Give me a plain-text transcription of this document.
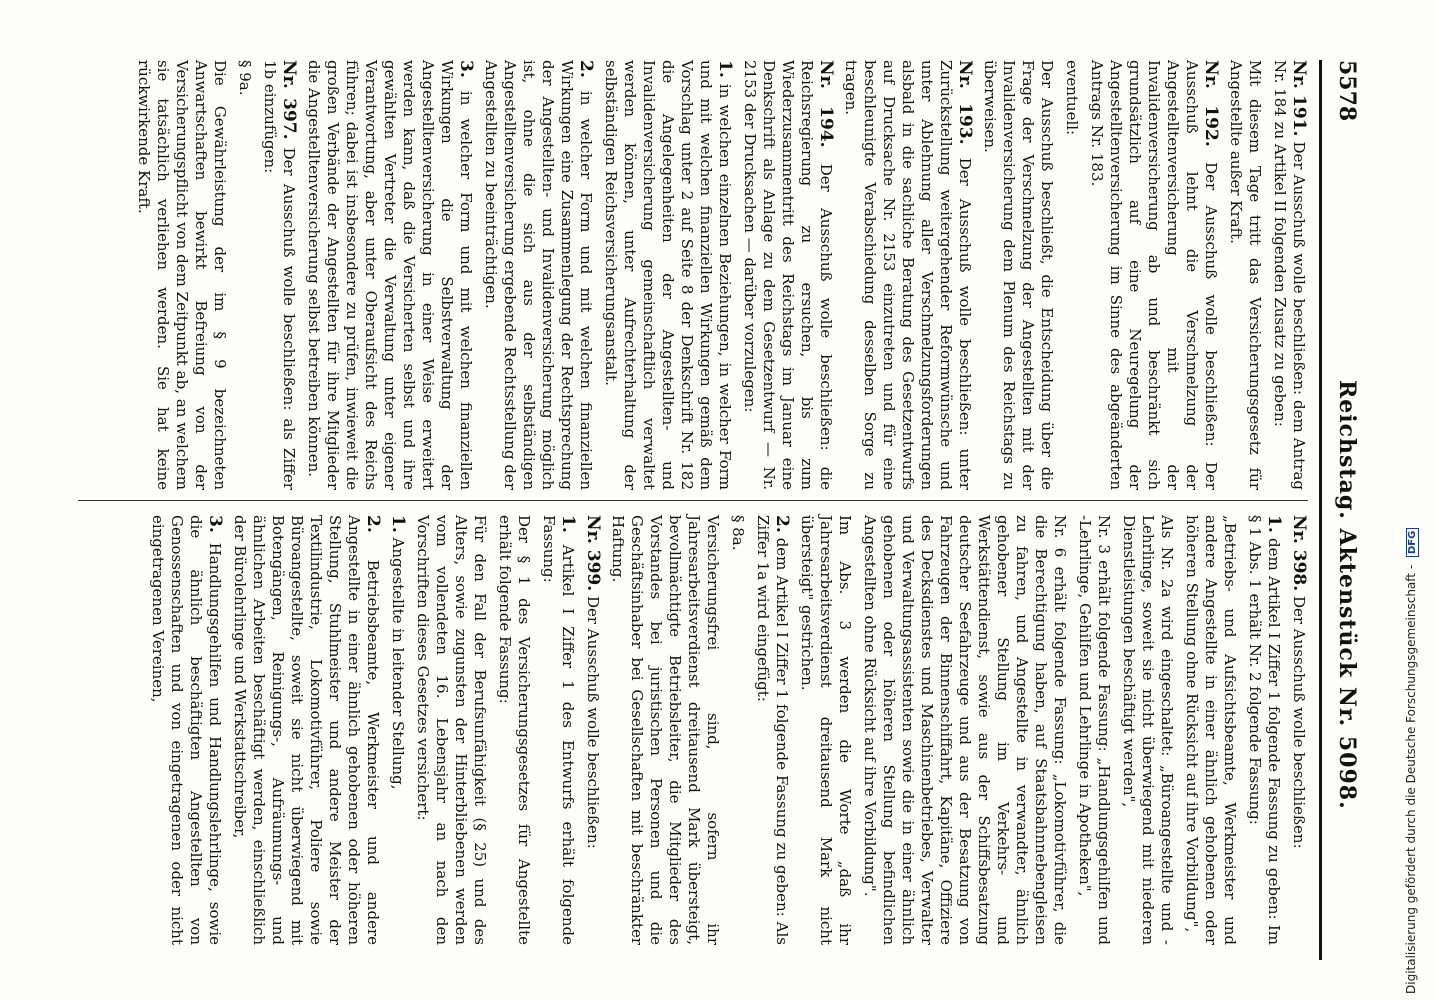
5578
Reichstag. Aktenstück Nr. 5098.

Nr. 191. Der Ausschuß wolle beschließen: dem Antrag Nr. 184 zu Artikel II folgenden Zusatz zu geben:

Mit diesem Tage tritt das Versicherungsgesetz für Angestellte außer Kraft.

Nr. 192. Der Ausschuß wolle beschließen: Der Ausschuß lehnt die Verschmelzung der Angestelltenversicherung mit der Invalidenversicherung ab und beschränkt sich grundsätzlich auf eine Neuregelung der Angestelltenversicherung im Sinne des abgeänderten Antrags Nr. 183.

eventuell:

Der Ausschuß beschließt, die Entscheidung über die Frage der Verschmelzung der Angestellten mit der Invalidenversicherung dem Plenum des Reichstags zu überweisen.

Nr. 193. Der Ausschuß wolle beschließen: unter Zurückstellung weitergehender Reformwünsche und unter Ablehnung aller Verschmelzungsforderungen alsbald in die sachliche Beratung des Gesetzentwurfs auf Drucksache Nr. 2153 einzutreten und für eine beschleunigte Verabschiedung desselben Sorge zu tragen.

Nr. 194. Der Ausschuß wolle beschließen: die Reichsregierung zu ersuchen, bis zum Wiederzusammentritt des Reichstags im Januar eine Denkschrift als Anlage zu dem Gesetzentwurf — Nr. 2153 der Drucksachen — darüber vorzulegen:

1. in welchen einzelnen Beziehungen, in welcher Form und mit welchen finanziellen Wirkungen gemäß dem Vorschlag unter 2 auf Seite 8 der Denkschrift Nr. 182 die Angelegenheiten der Angestellten- und Invalidenversicherung gemeinschaftlich verwaltet werden können, unter Aufrechterhaltung der selbständigen Reichsversicherungsanstalt.

2. in welcher Form und mit welchen finanziellen Wirkungen eine Zusammenlegung der Rechtsprechung der Angestellten- und Invalidenversicherung möglich ist, ohne die sich aus der selbständigen Angestelltenversicherung ergebende Rechtsstellung der Angestellten zu beeinträchtigen.

3. in welcher Form und mit welchen finanziellen Wirkungen die Selbstverwaltung der Angestelltenversicherung in einer Weise erweitert werden kann, daß die Versicherten selbst und ihre gewählten Vertreter die Verwaltung unter eigener Verantwortung, aber unter Oberaufsicht des Reichs führen; dabei ist insbesondere zu prüfen, inwieweit die großen Verbände der Angestellten für ihre Mitglieder die Angestelltenversicherung selbst betreiben können.

Nr. 397. Der Ausschuß wolle beschließen: als Ziffer 1b einzufügen:

§ 9a.

Die Gewährleistung der im § 9 bezeichneten Anwartschaften bewirkt Befreiung von der Versicherungspflicht von dem Zeitpunkt ab, an welchem sie tatsächlich verliehen werden. Sie hat keine rückwirkende Kraft.

Nr. 398. Der Ausschuß wolle beschließen:

1. dem Artikel I Ziffer 1 folgende Fassung zu geben: Im § 1 Abs. 1 erhält Nr. 2 folgende Fassung:

„Betriebs- und Aufsichtsbeamte, Werkmeister und andere Angestellte in einer ähnlich gehobenen oder höheren Stellung ohne Rücksicht auf ihre Vorbildung",

Als Nr. 2a wird eingeschaltet: „Büroangestellte und -Lehrlinge, soweit sie nicht überwiegend mit niederen Dienstleistungen beschäftigt werden",

Nr. 3 erhält folgende Fassung: „Handlungsgehilfen und -Lehrlinge, Gehilfen und Lehrlinge in Apotheken",

Nr. 6 erhält folgende Fassung: „Lokomotivführer, die die Berechtigung haben, auf Staatsbahnnebengleisen zu fahren, und Angestellte in verwandter, ähnlich gehobener Stellung im Verkehrs- und Werkstättendienst, sowie aus der Schiffsbesatzung deutscher Seefahrzeuge und aus der Besatzung von Fahrzeugen der Binnenschiffahrt, Kapitäne, Offiziere des Decksdienstes und Maschinenbetriebes, Verwalter und Verwaltungsassistenten sowie die in einer ähnlich gehobenen oder höheren Stellung befindlichen Angestellten ohne Rücksicht auf ihre Vorbildung".

Im Abs. 3 werden die Worte „daß ihr Jahresarbeitsverdienst dreitausend Mark nicht übersteigt" gestrichen.

2. dem Artikel I Ziffer 1 folgende Fassung zu geben: Als Ziffer 1a wird eingefügt:

§ 8a.

Versicherungsfrei sind, sofern ihr Jahresarbeitsverdienst dreitausend Mark übersteigt, bevollmächtigte Betriebsleiter, die Mitglieder des Vorstandes bei juristischen Personen und die Geschäftsinhaber bei Gesellschaften mit beschränkter Haftung.

Nr. 399. Der Ausschuß wolle beschließen:

1. Artikel I Ziffer 1 des Entwurfs erhält folgende Fassung:

Der § 1 des Versicherungsgesetzes für Angestellte erhält folgende Fassung:

Für den Fall der Berufsunfähigkeit (§ 25) und des Alters, sowie zugunsten der Hinterbliebenen werden vom vollendeten 16. Lebensjahr an nach den Vorschriften dieses Gesetzes versichert:

1. Angestellte in leitender Stellung,

2. Betriebsbeamte, Werkmeister und andere Angestellte in einer ähnlich gehobenen oder höheren Stellung, Stuhlmeister und andere Meister der Textilindustrie, Lokomotivführer, Poliere sowie Büroangestellte, soweit sie nicht überwiegend mit Botengängen, Reinigungs-, Aufräumungs- und ähnlichen Arbeiten beschäftigt werden, einschließlich der Bürolehrlinge und Werkstattschreiber,

3. Handlungsgehilfen und Handlungslehrlinge, sowie die ähnlich beschäftigten Angestellten von Genossenschaften und von eingetragenen oder nicht eingetragenen Vereinen,	Digitalisierung gefördert durch die Deutsche Forschungsgemeinschaft - DFG
